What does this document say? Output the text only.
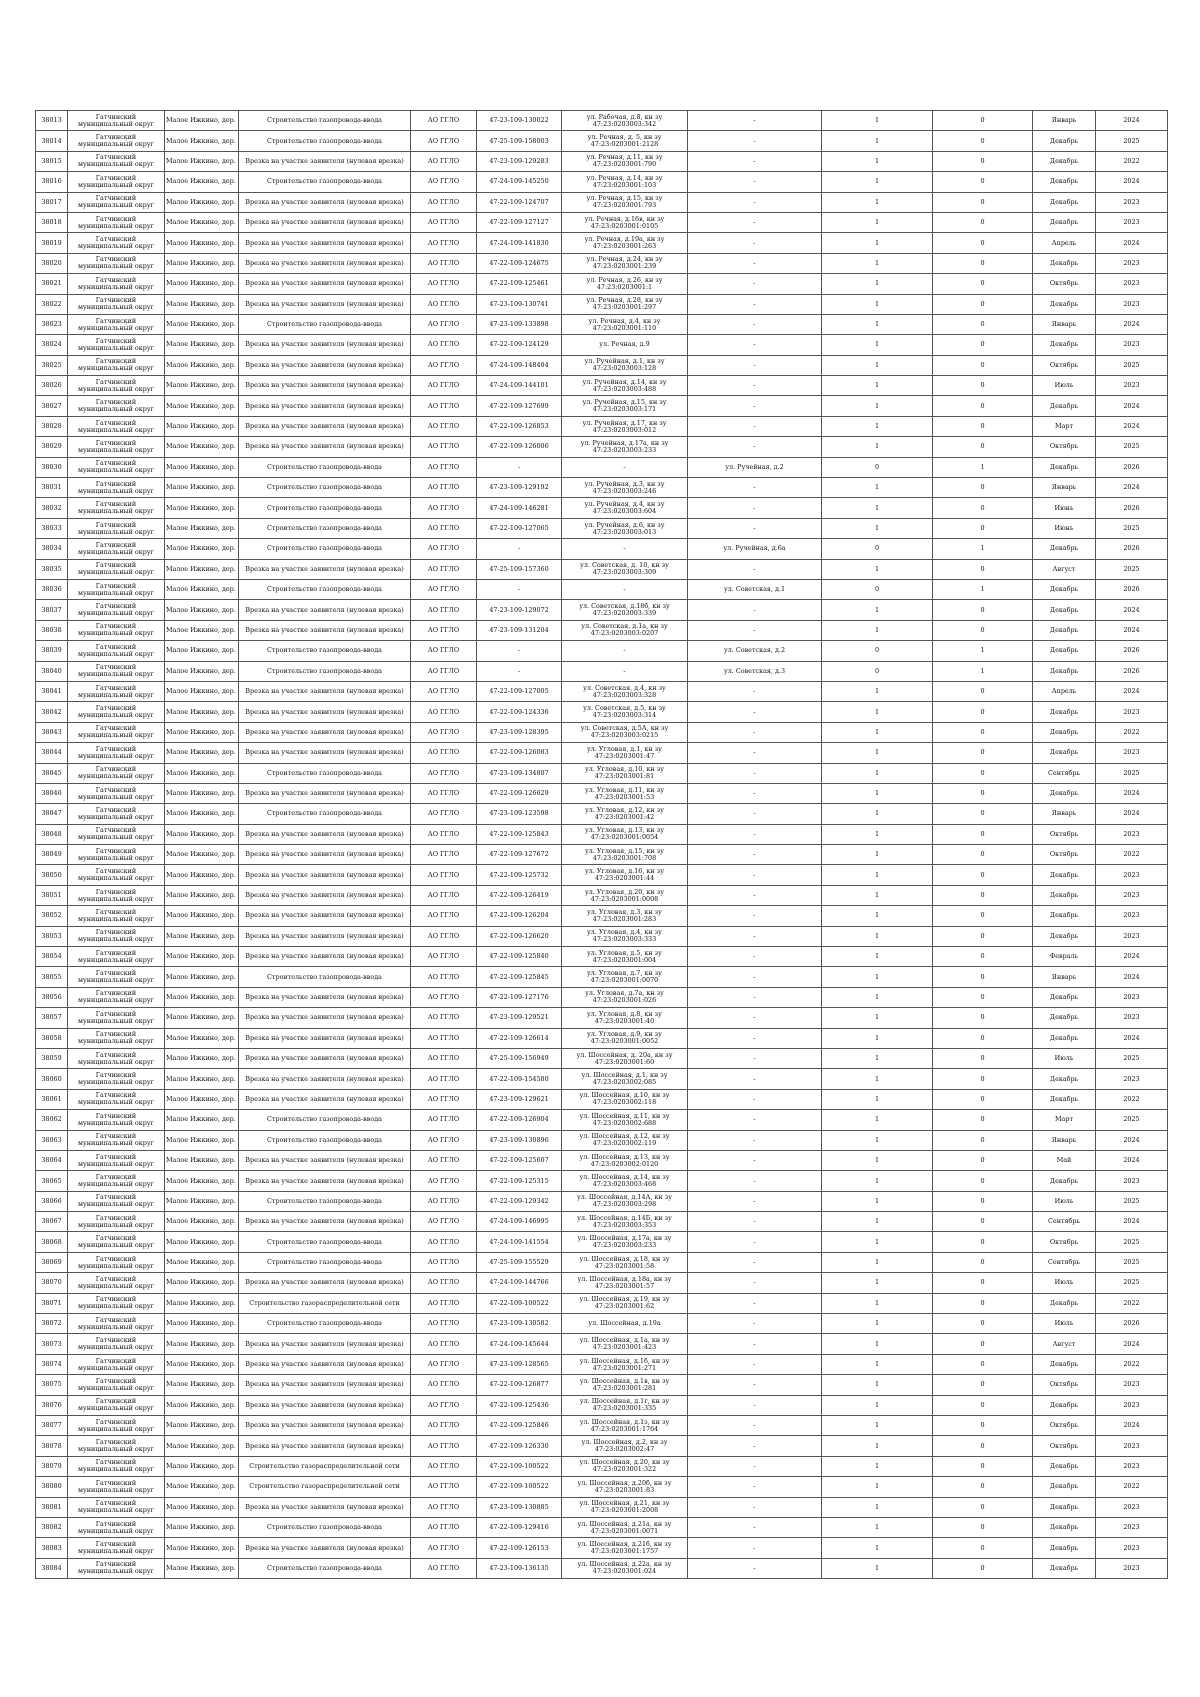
38013	Гатчинский муниципальный округ	Малое Ижкино, дер.	Строительство газопровода-ввода	АО ГГЛО	47-23-109-130022	ул. Рабочая, д.8, кн зу 47:23:0203003:342	-	1	0	Январь	2024
38014	Гатчинский муниципальный округ	Малое Ижкино, дер.	Строительство газопровода-ввода	АО ГГЛО	47-25-109-158003	ул. Речная, д. 5, кн зу 47:23:0203001:2128	-	1	0	Декабрь	2025
38015	Гатчинский муниципальный округ	Малое Ижкино, дер.	Врезка на участке заявителя (нулевая врезка)	АО ГГЛО	47-23-109-129283	ул. Речная, д.11, кн зу 47:23:0203001:790	-	1	0	Декабрь	2022
38016	Гатчинский муниципальный округ	Малое Ижкино, дер.	Строительство газопровода-ввода	АО ГГЛО	47-24-109-145250	ул. Речная, д.14, кн зу 47:23:0203001:103	-	1	0	Декабрь	2024
38017	Гатчинский муниципальный округ	Малое Ижкино, дер.	Врезка на участке заявителя (нулевая врезка)	АО ГГЛО	47-22-109-124707	ул. Речная, д.15, кн зу 47:23:0203001:793	-	1	0	Декабрь	2023
38018	Гатчинский муниципальный округ	Малое Ижкино, дер.	Врезка на участке заявителя (нулевая врезка)	АО ГГЛО	47-22-109-127127	ул. Речная, д.16в, кн зу 47:23:0203001:0105	-	1	0	Декабрь	2023
38019	Гатчинский муниципальный округ	Малое Ижкино, дер.	Врезка на участке заявителя (нулевая врезка)	АО ГГЛО	47-24-109-141830	ул. Речная, д.19а, кн зу 47:23:0203001:263	-	1	0	Апрель	2024
38020	Гатчинский муниципальный округ	Малое Ижкино, дер.	Врезка на участке заявителя (нулевая врезка)	АО ГГЛО	47-22-109-124675	ул. Речная, д.24, кн зу 47:23:0203001:239	-	1	0	Декабрь	2023
38021	Гатчинский муниципальный округ	Малое Ижкино, дер.	Врезка на участке заявителя (нулевая врезка)	АО ГГЛО	47-22-109-125461	ул. Речная, д.26, кн зу 47:23:0203001:1	-	1	0	Октябрь	2023
38022	Гатчинский муниципальный округ	Малое Ижкино, дер.	Врезка на участке заявителя (нулевая врезка)	АО ГГЛО	47-23-109-130741	ул. Речная, д.28, кн зу 47:23:0203001:297	-	1	0	Декабрь	2023
38023	Гатчинский муниципальный округ	Малое Ижкино, дер.	Строительство газопровода-ввода	АО ГГЛО	47-23-109-133898	ул. Речная, д.4, кн зу 47:23:0203001:110	-	1	0	Январь	2024
38024	Гатчинский муниципальный округ	Малое Ижкино, дер.	Врезка на участке заявителя (нулевая врезка)	АО ГГЛО	47-22-109-124129	ул. Речная, д.9	-	1	0	Декабрь	2023
38025	Гатчинский муниципальный округ	Малое Ижкино, дер.	Врезка на участке заявителя (нулевая врезка)	АО ГГЛО	47-24-109-148404	ул. Ручейная, д.1, кн зу 47:23:0203003:128	-	1	0	Октябрь	2025
38026	Гатчинский муниципальный округ	Малое Ижкино, дер.	Врезка на участке заявителя (нулевая врезка)	АО ГГЛО	47-24-109-144101	ул. Ручейная, д.14, кн зу 47:23:0203003:488	-	1	0	Июль	2023
38027	Гатчинский муниципальный округ	Малое Ижкино, дер.	Врезка на участке заявителя (нулевая врезка)	АО ГГЛО	47-22-109-127699	ул. Ручейная, д.15, кн зу 47:23:0203003:171	-	1	0	Декабрь	2024
38028	Гатчинский муниципальный округ	Малое Ижкино, дер.	Врезка на участке заявителя (нулевая врезка)	АО ГГЛО	47-22-109-126853	ул. Ручейная, д.17, кн зу 47:23:0203003:012	-	1	0	Март	2024
38029	Гатчинский муниципальный округ	Малое Ижкино, дер.	Врезка на участке заявителя (нулевая врезка)	АО ГГЛО	47-22-109-126006	ул. Ручейная, д.17а, кн зу 47:23:0203003:233	-	1	0	Октябрь	2025
38030	Гатчинский муниципальный округ	Малое Ижкино, дер.	Строительство газопровода-ввода	АО ГГЛО	-	-	ул. Ручейная, д.2	0	1	Декабрь	2026
38031	Гатчинский муниципальный округ	Малое Ижкино, дер.	Строительство газопровода-ввода	АО ГГЛО	47-23-109-129192	ул. Ручейная, д.3, кн зу 47:23:0203003:246	-	1	0	Январь	2024
38032	Гатчинский муниципальный округ	Малое Ижкино, дер.	Строительство газопровода-ввода	АО ГГЛО	47-24-109-146281	ул. Ручейная, д.4, кн зу 47:23:0203003:604	-	1	0	Июнь	2026
38033	Гатчинский муниципальный округ	Малое Ижкино, дер.	Строительство газопровода-ввода	АО ГГЛО	47-22-109-127065	ул. Ручейная, д.6, кн зу 47:23:0203003:013	-	1	0	Июнь	2025
38034	Гатчинский муниципальный округ	Малое Ижкино, дер.	Строительство газопровода-ввода	АО ГГЛО	-	-	ул. Ручейная, д.6а	0	1	Декабрь	2026
38035	Гатчинский муниципальный округ	Малое Ижкино, дер.	Врезка на участке заявителя (нулевая врезка)	АО ГГЛО	47-25-109-157360	ул. Советская, д. 10, кн зу 47:23:0203003:309	-	1	0	Август	2025
38036	Гатчинский муниципальный округ	Малое Ижкино, дер.	Строительство газопровода-ввода	АО ГГЛО	-	-	ул. Советская, д.1	0	1	Декабрь	2026
38037	Гатчинский муниципальный округ	Малое Ижкино, дер.	Врезка на участке заявителя (нулевая врезка)	АО ГГЛО	47-23-109-129072	ул. Советская, д.18б, кн зу 47:23:0203003:339	-	1	0	Декабрь	2024
38038	Гатчинский муниципальный округ	Малое Ижкино, дер.	Врезка на участке заявителя (нулевая врезка)	АО ГГЛО	47-23-109-131204	ул. Советская, д.1а, кн зу 47:23:0203003:0207	-	1	0	Декабрь	2024
38039	Гатчинский муниципальный округ	Малое Ижкино, дер.	Строительство газопровода-ввода	АО ГГЛО	-	-	ул. Советская, д.2	0	1	Декабрь	2026
38040	Гатчинский муниципальный округ	Малое Ижкино, дер.	Строительство газопровода-ввода	АО ГГЛО	-	-	ул. Советская, д.3	0	1	Декабрь	2026
38041	Гатчинский муниципальный округ	Малое Ижкино, дер.	Врезка на участке заявителя (нулевая врезка)	АО ГГЛО	47-22-109-127005	ул. Советская, д.4, кн зу 47:23:0203003:328	-	1	0	Апрель	2024
38042	Гатчинский муниципальный округ	Малое Ижкино, дер.	Врезка на участке заявителя (нулевая врезка)	АО ГГЛО	47-22-109-124336	ул. Советская, д.5, кн зу 47:23:0203003:314	-	1	0	Декабрь	2023
38043	Гатчинский муниципальный округ	Малое Ижкино, дер.	Врезка на участке заявителя (нулевая врезка)	АО ГГЛО	47-23-109-128395	ул. Советская, д.5А, кн зу 47:23:0203003:0215	-	1	0	Декабрь	2022
38044	Гатчинский муниципальный округ	Малое Ижкино, дер.	Врезка на участке заявителя (нулевая врезка)	АО ГГЛО	47-22-109-126083	ул. Угловая, д.1, кн зу 47:23:0203001:47	-	1	0	Декабрь	2023
38045	Гатчинский муниципальный округ	Малое Ижкино, дер.	Строительство газопровода-ввода	АО ГГЛО	47-23-109-134807	ул. Угловая, д.10, кн зу 47:23:0203001:81	-	1	0	Сентябрь	2025
38046	Гатчинский муниципальный округ	Малое Ижкино, дер.	Врезка на участке заявителя (нулевая врезка)	АО ГГЛО	47-22-109-126629	ул. Угловая, д.11, кн зу 47:23:0203001:53	-	1	0	Декабрь	2024
38047	Гатчинский муниципальный округ	Малое Ижкино, дер.	Строительство газопровода-ввода	АО ГГЛО	47-23-109-123598	ул. Угловая, д.12, кн зу 47:23:0203001:42	-	1	0	Январь	2024
38048	Гатчинский муниципальный округ	Малое Ижкино, дер.	Врезка на участке заявителя (нулевая врезка)	АО ГГЛО	47-22-109-125843	ул. Угловая, д.13, кн зу 47:23:0203001:0054	-	1	0	Октябрь	2023
38049	Гатчинский муниципальный округ	Малое Ижкино, дер.	Врезка на участке заявителя (нулевая врезка)	АО ГГЛО	47-22-109-127672	ул. Угловая, д.15, кн зу 47:23:0203001:708	-	1	0	Октябрь	2022
38050	Гатчинский муниципальный округ	Малое Ижкино, дер.	Врезка на участке заявителя (нулевая врезка)	АО ГГЛО	47-22-109-125732	ул. Угловая, д.16, кн зу 47:23:0203001:44	-	1	0	Декабрь	2023
38051	Гатчинский муниципальный округ	Малое Ижкино, дер.	Врезка на участке заявителя (нулевая врезка)	АО ГГЛО	47-22-109-126419	ул. Угловая, д.20, кн зу 47:23:0203001:0008	-	1	0	Декабрь	2023
38052	Гатчинский муниципальный округ	Малое Ижкино, дер.	Врезка на участке заявителя (нулевая врезка)	АО ГГЛО	47-22-109-126204	ул. Угловая, д.3, кн зу 47:23:0203001:283	-	1	0	Декабрь	2023
38053	Гатчинский муниципальный округ	Малое Ижкино, дер.	Врезка на участке заявителя (нулевая врезка)	АО ГГЛО	47-22-109-126620	ул. Угловая, д.4, кн зу 47:23:0203003:333	-	1	0	Декабрь	2023
38054	Гатчинский муниципальный округ	Малое Ижкино, дер.	Врезка на участке заявителя (нулевая врезка)	АО ГГЛО	47-22-109-125840	ул. Угловая, д.5, кн зу 47:23:0203001:004	-	1	0	Февраль	2024
38055	Гатчинский муниципальный округ	Малое Ижкино, дер.	Строительство газопровода-ввода	АО ГГЛО	47-22-109-125845	ул. Угловая, д.7, кн зу 47:23:0203001:0070	-	1	0	Январь	2024
38056	Гатчинский муниципальный округ	Малое Ижкино, дер.	Врезка на участке заявителя (нулевая врезка)	АО ГГЛО	47-22-109-127176	ул. Угловая, д.7а, кн зу 47:23:0203001:026	-	1	0	Декабрь	2023
38057	Гатчинский муниципальный округ	Малое Ижкино, дер.	Врезка на участке заявителя (нулевая врезка)	АО ГГЛО	47-23-109-129521	ул. Угловая, д.8, кн зу 47:23:0203001:40	-	1	0	Декабрь	2023
38058	Гатчинский муниципальный округ	Малое Ижкино, дер.	Врезка на участке заявителя (нулевая врезка)	АО ГГЛО	47-22-109-126614	ул. Угловая, д.9, кн зу 47:23:0203001:0052	-	1	0	Декабрь	2024
38059	Гатчинский муниципальный округ	Малое Ижкино, дер.	Врезка на участке заявителя (нулевая врезка)	АО ГГЛО	47-25-109-156949	ул. Шоссейная, д. 20а, кн зу 47:23:0203001:60	-	1	0	Июль	2025
38060	Гатчинский муниципальный округ	Малое Ижкино, дер.	Врезка на участке заявителя (нулевая врезка)	АО ГГЛО	47-22-109-154580	ул. Шоссейная, д.1, кн зу 47:23:0203002:085	-	1	0	Декабрь	2023
38061	Гатчинский муниципальный округ	Малое Ижкино, дер.	Врезка на участке заявителя (нулевая врезка)	АО ГГЛО	47-23-109-129621	ул. Шоссейная, д.10, кн зу 47:23:0203002:118	-	1	0	Декабрь	2022
38062	Гатчинский муниципальный округ	Малое Ижкино, дер.	Строительство газопровода-ввода	АО ГГЛО	47-22-109-126904	ул. Шоссейная, д.11, кн зу 47:23:0203002:688	-	1	0	Март	2025
38063	Гатчинский муниципальный округ	Малое Ижкино, дер.	Строительство газопровода-ввода	АО ГГЛО	47-23-109-130896	ул. Шоссейная, д.12, кн зу 47:23:0203002:119	-	1	0	Январь	2024
38064	Гатчинский муниципальный округ	Малое Ижкино, дер.	Врезка на участке заявителя (нулевая врезка)	АО ГГЛО	47-22-109-125607	ул. Шоссейная, д.13, кн зу 47:23:0203002:0120	-	1	0	Май	2024
38065	Гатчинский муниципальный округ	Малое Ижкино, дер.	Врезка на участке заявителя (нулевая врезка)	АО ГГЛО	47-22-109-125315	ул. Шоссейная, д.14, кн зу 47:23:0203003:468	-	1	0	Декабрь	2023
38066	Гатчинский муниципальный округ	Малое Ижкино, дер.	Строительство газопровода-ввода	АО ГГЛО	47-22-109-129342	ул. Шоссейная, д.14А, кн зу 47:23:0203003:298	-	1	0	Июль	2025
38067	Гатчинский муниципальный округ	Малое Ижкино, дер.	Врезка на участке заявителя (нулевая врезка)	АО ГГЛО	47-24-109-146995	ул. Шоссейная, д.14Б, кн зу 47:23:0203003:353	-	1	0	Сентябрь	2024
38068	Гатчинский муниципальный округ	Малое Ижкино, дер.	Строительство газопровода-ввода	АО ГГЛО	47-24-109-141554	ул. Шоссейная, д.17а, кн зу 47:23:0203003:233	-	1	0	Октябрь	2025
38069	Гатчинский муниципальный округ	Малое Ижкино, дер.	Строительство газопровода-ввода	АО ГГЛО	47-25-109-155529	ул. Шоссейная, д.18, кн зу 47:23:0203001:58	-	1	0	Сентябрь	2025
38070	Гатчинский муниципальный округ	Малое Ижкино, дер.	Врезка на участке заявителя (нулевая врезка)	АО ГГЛО	47-24-109-144766	ул. Шоссейная, д.18а, кн зу 47:23:0203001:57	-	1	0	Июль	2025
38071	Гатчинский муниципальный округ	Малое Ижкино, дер.	Строительство газораспределительной сети	АО ГГЛО	47-22-109-100522	ул. Шоссейная, д.19, кн зу 47:23:0203001:62	-	1	0	Декабрь	2022
38072	Гатчинский муниципальный округ	Малое Ижкино, дер.	Строительство газопровода-ввода	АО ГГЛО	47-23-109-130582	ул. Шоссейная, д.19а	-	1	0	Июль	2026
38073	Гатчинский муниципальный округ	Малое Ижкино, дер.	Врезка на участке заявителя (нулевая врезка)	АО ГГЛО	47-24-109-145644	ул. Шоссейная, д.1а, кн зу 47:23:0203001:423	-	1	0	Август	2024
38074	Гатчинский муниципальный округ	Малое Ижкино, дер.	Врезка на участке заявителя (нулевая врезка)	АО ГГЛО	47-23-109-128565	ул. Шоссейная, д.1б, кн зу 47:23:0203001:271	-	1	0	Декабрь	2022
38075	Гатчинский муниципальный округ	Малое Ижкино, дер.	Врезка на участке заявителя (нулевая врезка)	АО ГГЛО	47-22-109-126877	ул. Шоссейная, д.1в, кн зу 47:23:0203001:281	-	1	0	Октябрь	2023
38076	Гатчинский муниципальный округ	Малое Ижкино, дер.	Врезка на участке заявителя (нулевая врезка)	АО ГГЛО	47-22-109-125436	ул. Шоссейная, д.1г, кн зу 47:23:0203001:335	-	1	0	Декабрь	2023
38077	Гатчинский муниципальный округ	Малое Ижкино, дер.	Врезка на участке заявителя (нулевая врезка)	АО ГГЛО	47-22-109-125846	ул. Шоссейная, д.1з, кн зу 47:23:0203001:1764	-	1	0	Октябрь	2024
38078	Гатчинский муниципальный округ	Малое Ижкино, дер.	Врезка на участке заявителя (нулевая врезка)	АО ГГЛО	47-22-109-126330	ул. Шоссейная, д.2, кн зу 47:23:0203002:47	-	1	0	Октябрь	2023
38079	Гатчинский муниципальный округ	Малое Ижкино, дер.	Строительство газораспределительной сети	АО ГГЛО	47-22-109-100522	ул. Шоссейная, д.20, кн зу 47:23:0203001:322	-	1	0	Декабрь	2023
38080	Гатчинский муниципальный округ	Малое Ижкино, дер.	Строительство газораспределительной сети	АО ГГЛО	47-22-109-100522	ул. Шоссейная, д.20б, кн зу 47:23:0203001:83	-	1	0	Декабрь	2022
38081	Гатчинский муниципальный округ	Малое Ижкино, дер.	Врезка на участке заявителя (нулевая врезка)	АО ГГЛО	47-23-109-130885	ул. Шоссейная, д.21, кн зу 47:23:0203001:2008	-	1	0	Декабрь	2023
38082	Гатчинский муниципальный округ	Малое Ижкино, дер.	Строительство газопровода-ввода	АО ГГЛО	47-22-109-129416	ул. Шоссейная, д.21а, кн зу 47:23:0203001:0071	-	1	0	Декабрь	2023
38083	Гатчинский муниципальный округ	Малое Ижкино, дер.	Врезка на участке заявителя (нулевая врезка)	АО ГГЛО	47-22-109-126153	ул. Шоссейная, д.21б, кн зу 47:23:0203001:1757	-	1	0	Декабрь	2023
38084	Гатчинский муниципальный округ	Малое Ижкино, дер.	Строительство газопровода-ввода	АО ГГЛО	47-23-109-136135	ул. Шоссейная, д.22а, кн зу 47:23:0203001:024	-	1	0	Декабрь	2023
